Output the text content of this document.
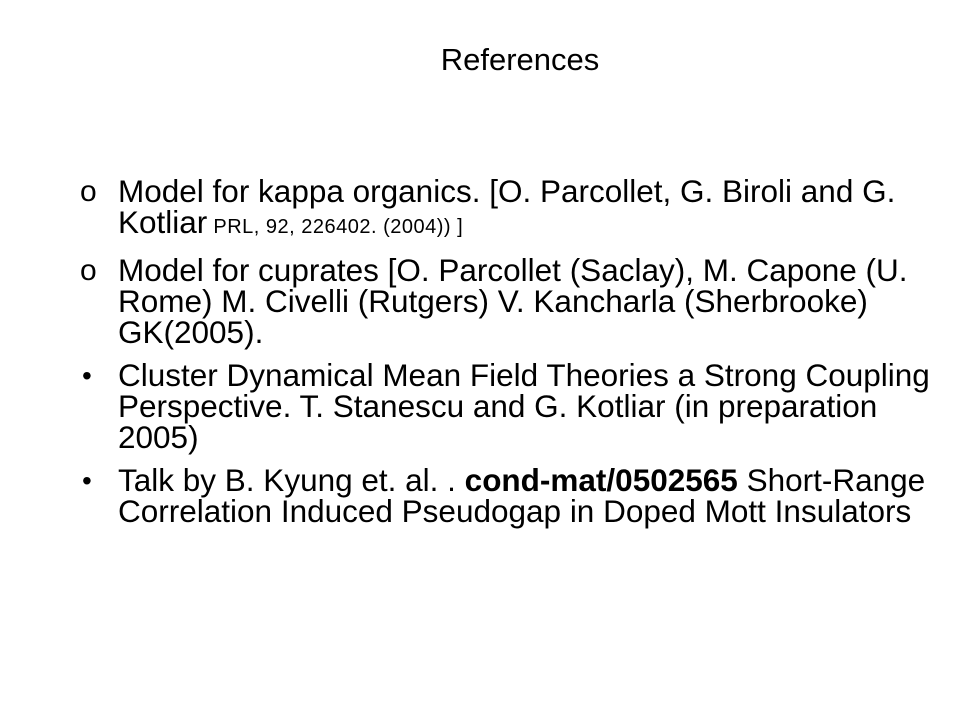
References
o Model for kappa organics. [O. Parcollet, G. Biroli and G. Kotliar PRL, 92, 226402. (2004)) ]
o Model for cuprates [O. Parcollet (Saclay), M. Capone (U. Rome) M. Civelli (Rutgers) V. Kancharla (Sherbrooke) GK(2005).
• Cluster Dynamical Mean Field Theories a Strong Coupling Perspective. T. Stanescu and G. Kotliar (in preparation 2005)
• Talk by B. Kyung et. al. . cond-mat/0502565 Short-Range Correlation Induced Pseudogap in Doped Mott Insulators
